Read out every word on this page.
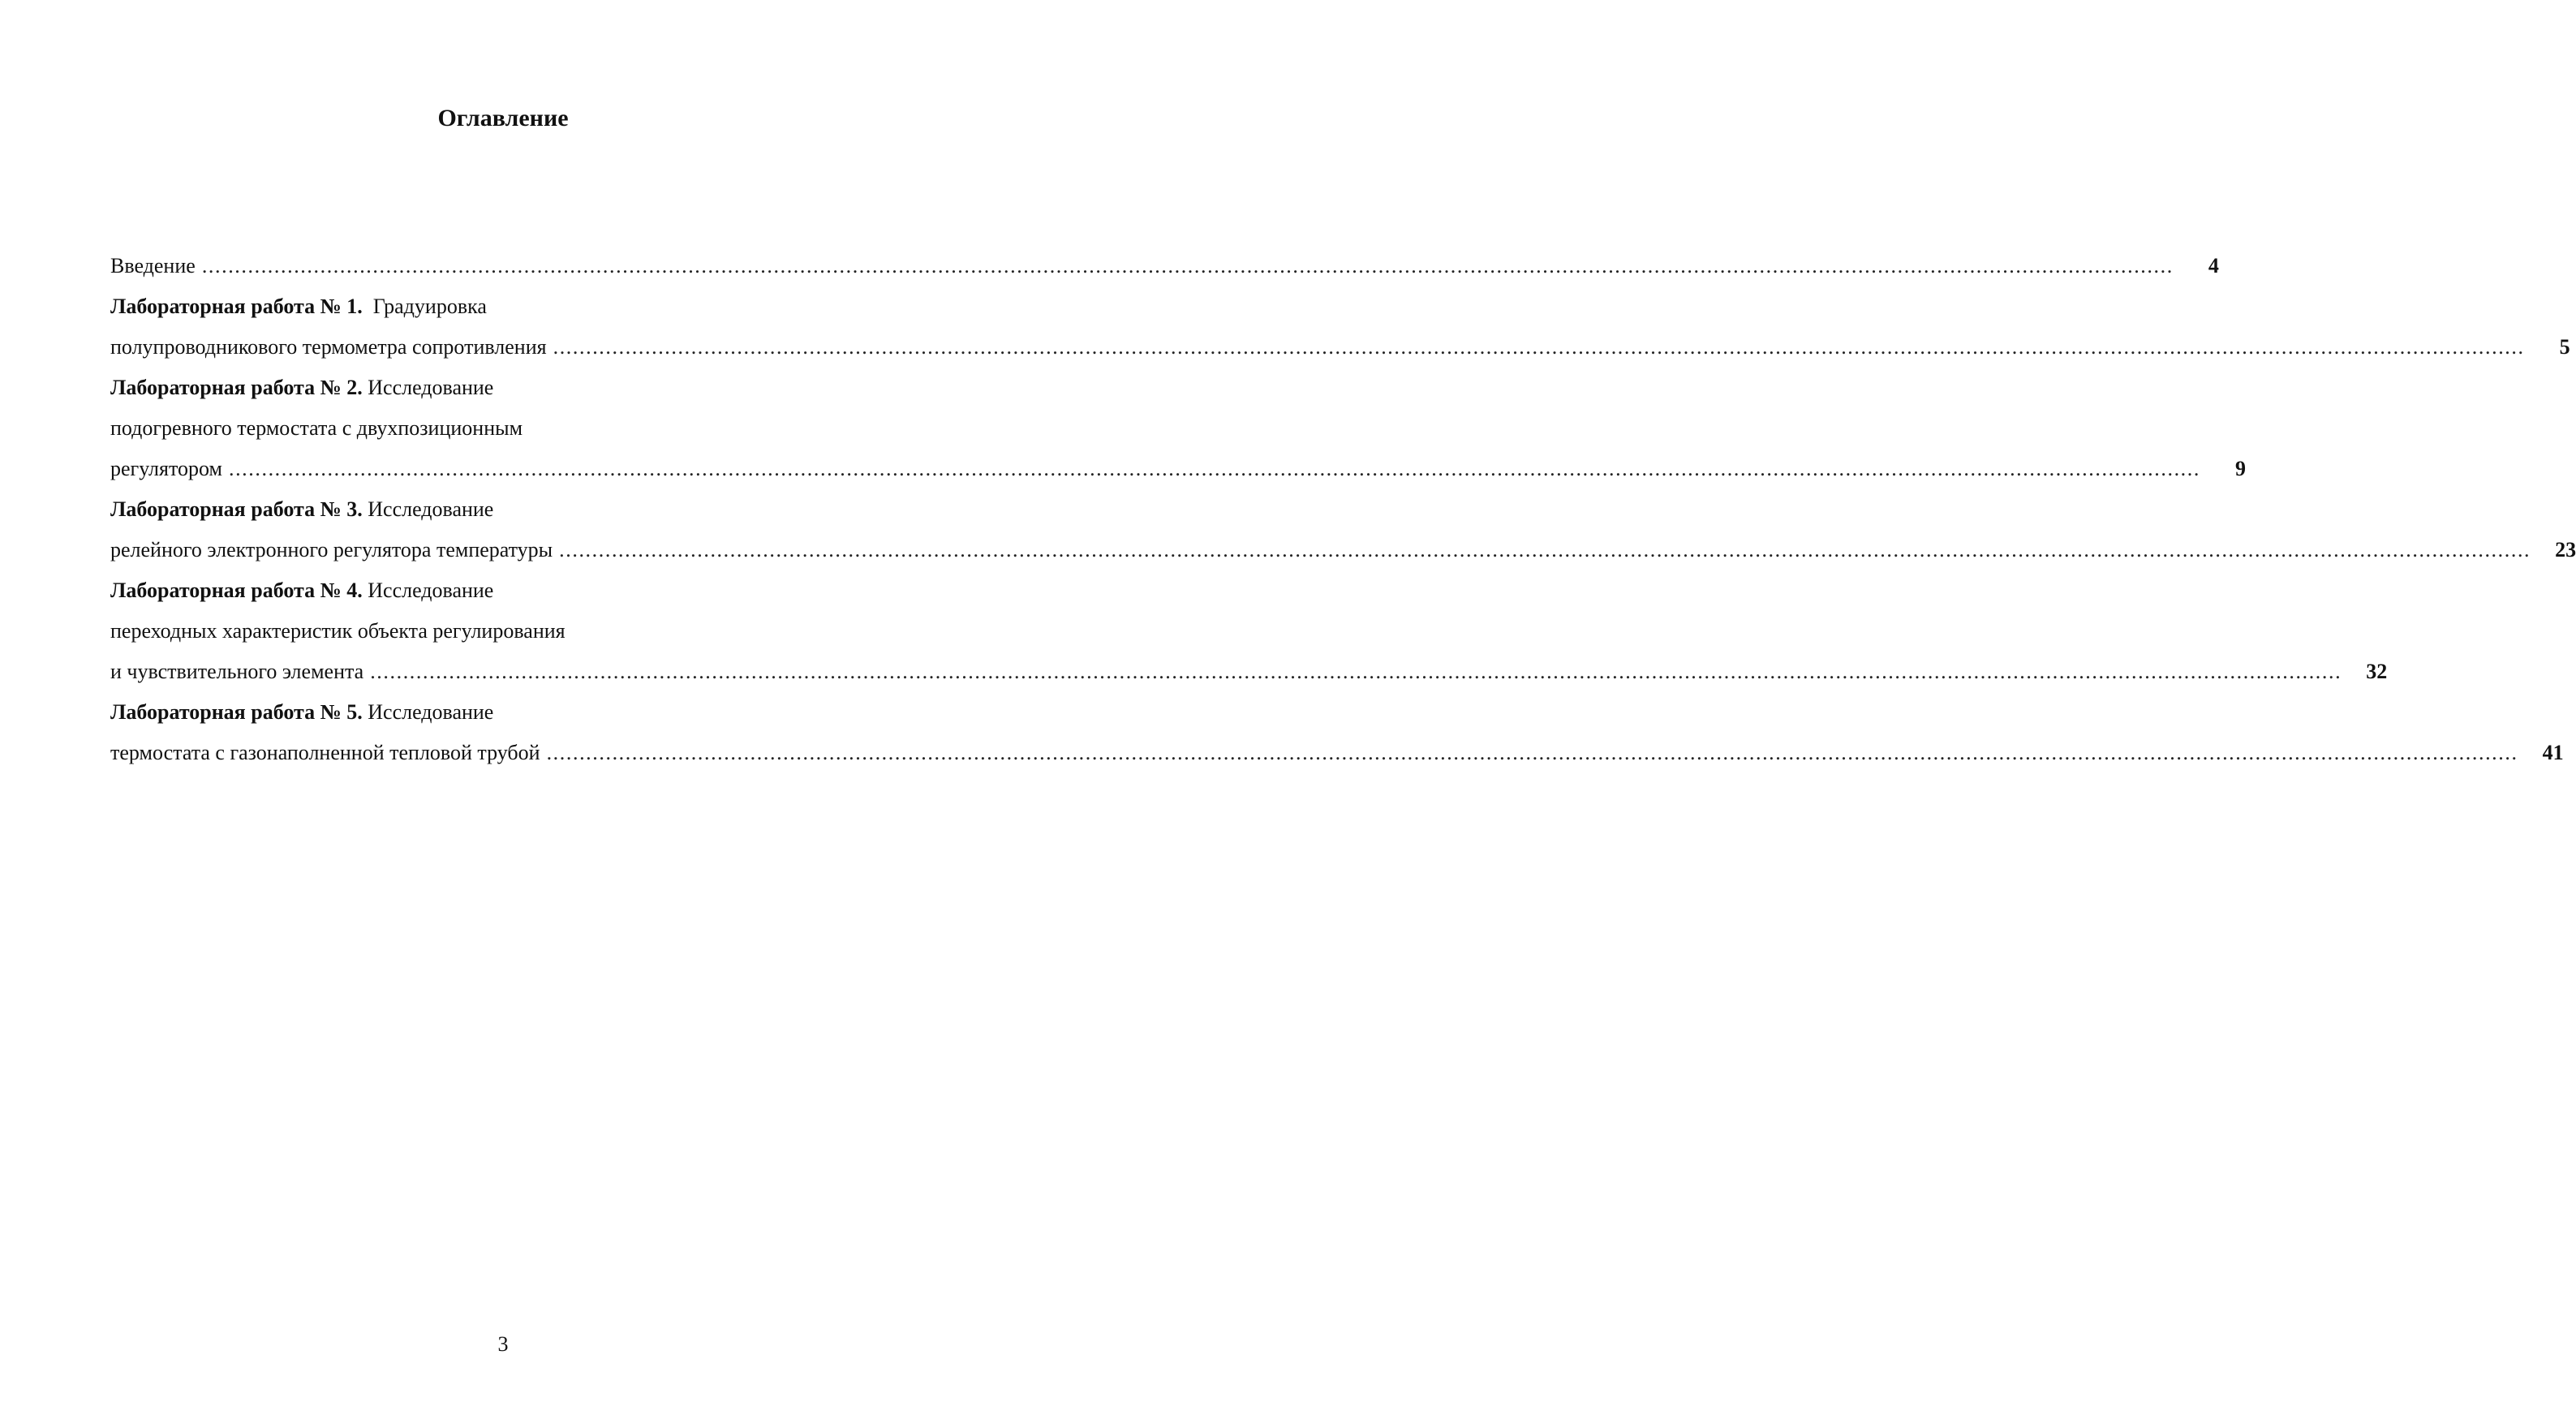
Оглавление
Введение ............................................................................................................................................................................................................................................................................................................	4
Лабораторная работа № 1.  Градуировка
полупроводникового термометра сопротивления ............................................................................................................................................................................................................................................................................................................	5
Лабораторная работа № 2. Исследование
подогревного термостата с двухпозиционным
регулятором ............................................................................................................................................................................................................................................................................................................	9
Лабораторная работа № 3. Исследование
релейного электронного регулятора температуры ............................................................................................................................................................................................................................................................................................................	23
Лабораторная работа № 4. Исследование
переходных характеристик объекта регулирования
и чувствительного элемента ............................................................................................................................................................................................................................................................................................................	32
Лабораторная работа № 5. Исследование
термостата с газонаполненной тепловой трубой ............................................................................................................................................................................................................................................................................................................	41
3
